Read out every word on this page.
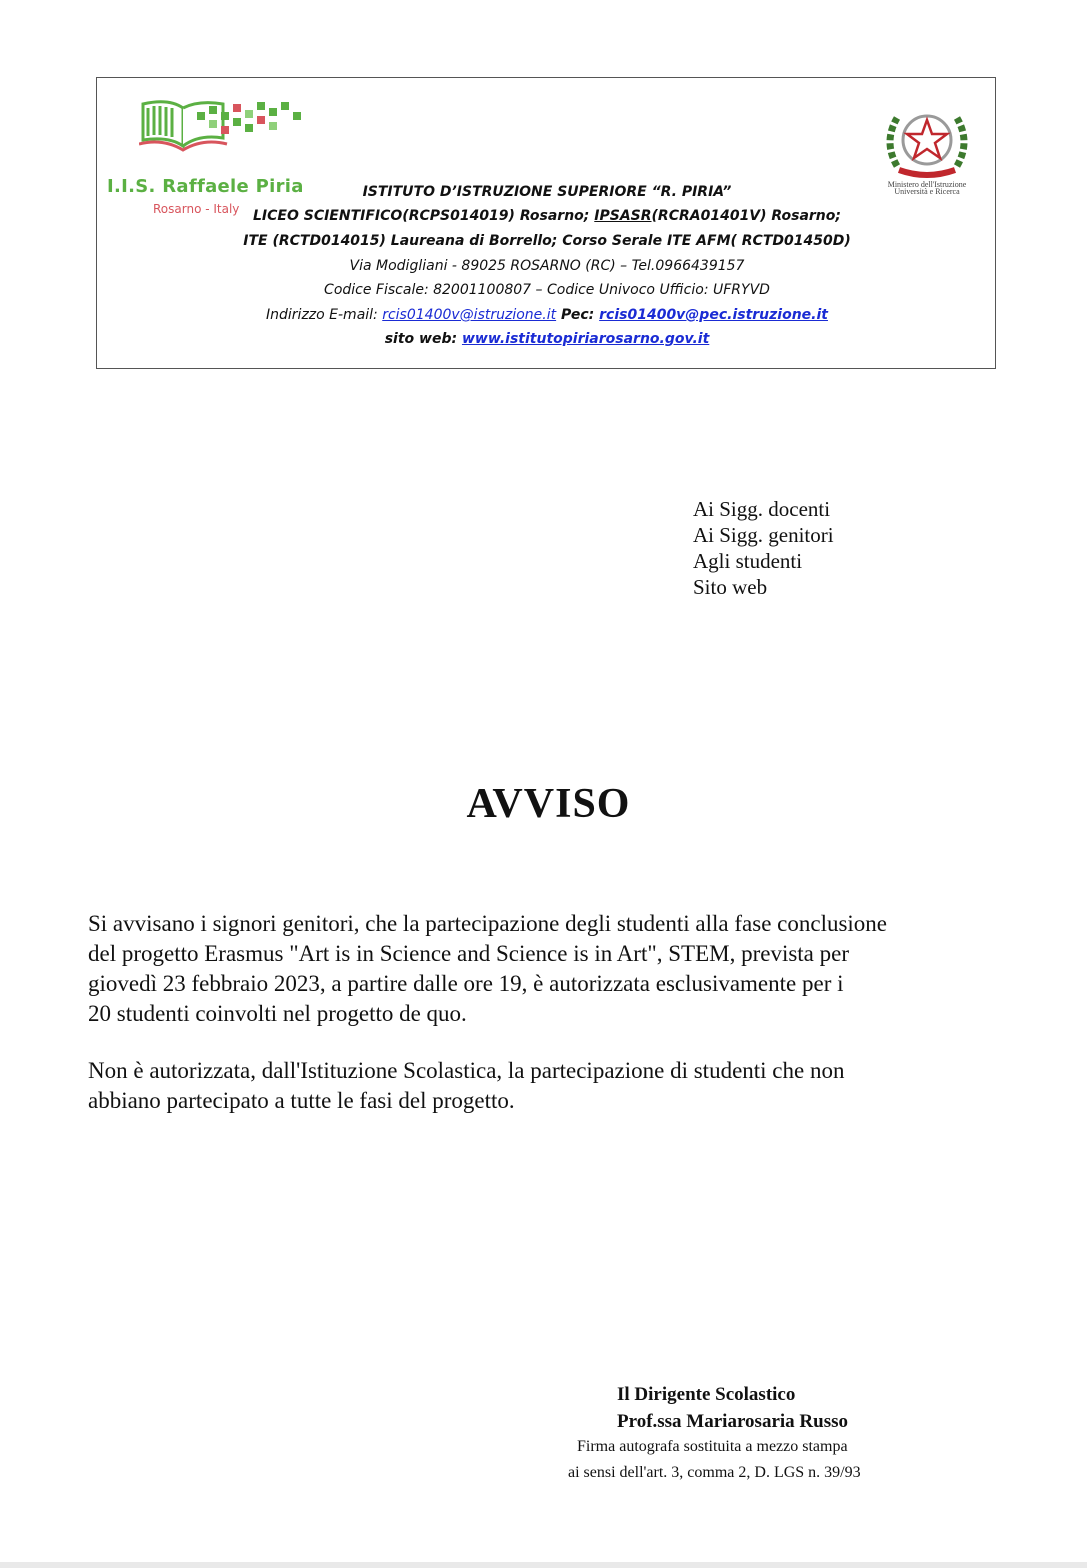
I.I.S. Raffaele Piria
Rosarno - Italy
Ministero dell'Istruzione
Università e Ricerca
ISTITUTO D’ISTRUZIONE SUPERIORE “R. PIRIA”
LICEO SCIENTIFICO(RCPS014019) Rosarno; IPSASR(RCRA01401V) Rosarno;
ITE (RCTD014015) Laureana di Borrello; Corso Serale ITE AFM( RCTD01450D)
Via Modigliani - 89025 ROSARNO (RC) – Tel.0966439157
Codice Fiscale: 82001100807 – Codice Univoco Ufficio: UFRYVD
Indirizzo E-mail: rcis01400v@istruzione.it Pec: rcis01400v@pec.istruzione.it
sito web: www.istitutopiriarosarno.gov.it
Ai Sigg. docenti
Ai Sigg. genitori
Agli studenti
Sito web
AVVISO
Si avvisano i signori genitori, che la partecipazione degli studenti alla fase conclusione
del progetto Erasmus "Art is in Science and Science is in Art", STEM, prevista per
giovedì 23 febbraio 2023, a partire dalle ore 19, è autorizzata esclusivamente per i
20 studenti coinvolti nel progetto de quo.
Non è autorizzata, dall'Istituzione Scolastica, la partecipazione di studenti che non
abbiano partecipato a tutte le fasi del progetto.
Il Dirigente Scolastico
Prof.ssa Mariarosaria Russo
Firma autografa sostituita a mezzo stampa
ai sensi dell'art. 3, comma 2, D. LGS n. 39/93
